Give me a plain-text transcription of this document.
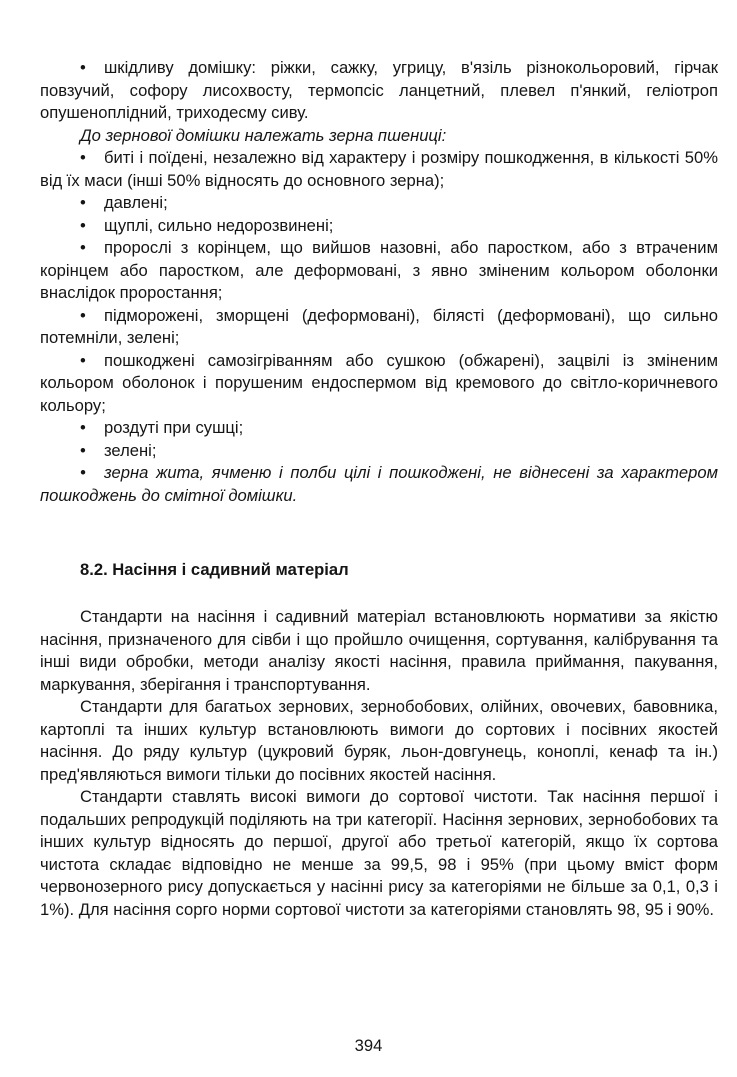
• шкідливу домішку: ріжки, сажку, угрицу, в'язіль різнокольоровий, гірчак повзучий, софору лисохвосту, термопсіс ланцетний, плевел п'янкий, геліотроп опушеноплідний, триходесму сиву.

До зернової домішки належать зерна пшениці:

• биті і поїдені, незалежно від характеру і розміру пошкодження, в кількості 50% від їх маси (інші 50% відносять до основного зерна);

• давлені;

• щуплі, сильно недорозвинені;

• пророслі з корінцем, що вийшов назовні, або паростком, або з втраченим корінцем або паростком, але деформовані, з явно зміненим кольором оболонки внаслідок проростання;

• підморожені, зморщені (деформовані), білясті (деформовані), що сильно потемніли, зелені;

• пошкоджені самозігріванням або сушкою (обжарені), зацвілі із зміненим кольором оболонок і порушеним ендоспермом від кремового до світло-коричневого кольору;

• роздуті при сушці;

• зелені;

• зерна жита, ячменю і полби цілі і пошкоджені, не віднесені за характером пошкоджень до смітної домішки.

8.2. Насіння і садивний матеріал

Стандарти на насіння і садивний матеріал встановлюють нормативи за якістю насіння, призначеного для сівби і що пройшло очищення, сортування, калібрування та інші види обробки, методи аналізу якості насіння, правила приймання, пакування, маркування, зберігання і транспортування.

Стандарти для багатьох зернових, зернобобових, олійних, овочевих, бавовника, картоплі та інших культур встановлюють вимоги до сортових і посівних якостей насіння. До ряду культур (цукровий буряк, льон-довгунець, коноплі, кенаф та ін.) пред'являються вимоги тільки до посівних якостей насіння.

Стандарти ставлять високі вимоги до сортової чистоти. Так насіння першої і подальших репродукцій поділяють на три категорії. Насіння зернових, зернобобових та інших культур відносять до першої, другої або третьої категорій, якщо їх сортова чистота складає відповідно не менше за 99,5, 98 і 95% (при цьому вміст форм червонозерного рису допускається у насінні рису за категоріями не більше за 0,1, 0,3 і 1%). Для насіння сорго норми сортової чистоти за категоріями становлять 98, 95 і 90%.

394
